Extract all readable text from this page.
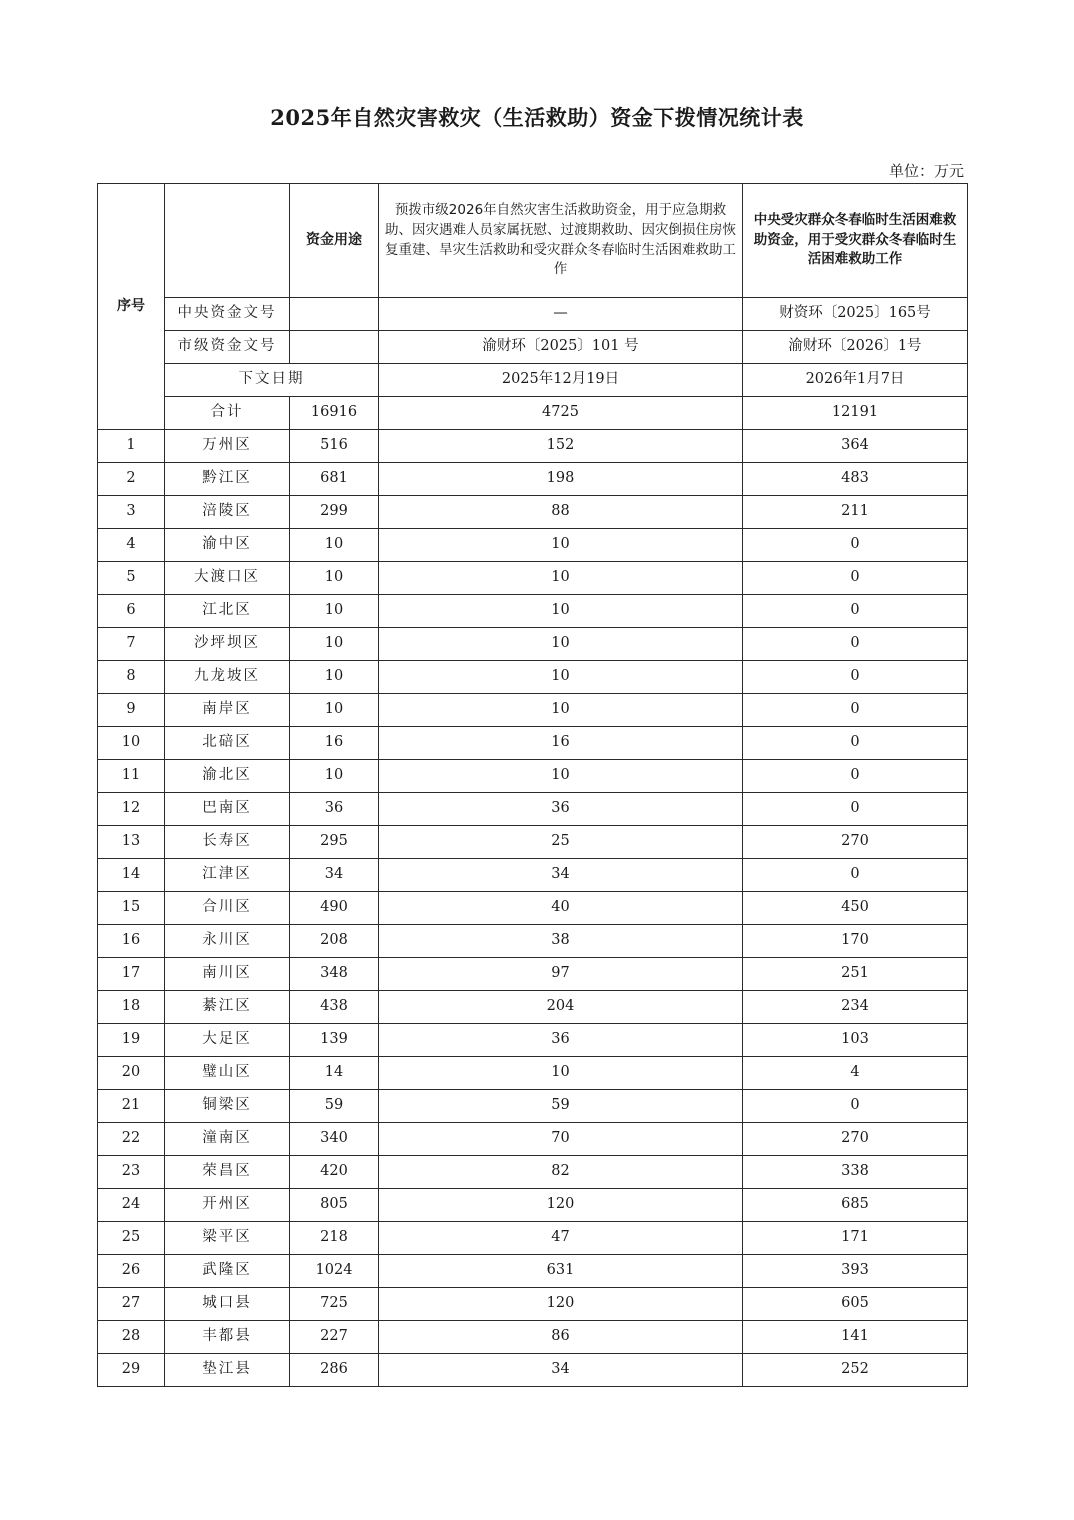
2025年自然灾害救灾（生活救助）资金下拨情况统计表
单位：万元
序号		资金用途	预拨市级2026年自然灾害生活救助资金，用于应急期救助、因灾遇难人员家属抚慰、过渡期救助、因灾倒损住房恢复重建、旱灾生活救助和受灾群众冬春临时生活困难救助工作	中央受灾群众冬春临时生活困难救助资金，用于受灾群众冬春临时生活困难救助工作
	中央资金文号		—	财资环〔2025〕165号
	市级资金文号		渝财环〔2025〕101 号	渝财环〔2026〕1号
	下文日期		2025年12月19日	2026年1月7日
	合计	16916	4725	12191
1	万州区	516	152	364
2	黔江区	681	198	483
3	涪陵区	299	88	211
4	渝中区	10	10	0
5	大渡口区	10	10	0
6	江北区	10	10	0
7	沙坪坝区	10	10	0
8	九龙坡区	10	10	0
9	南岸区	10	10	0
10	北碚区	16	16	0
11	渝北区	10	10	0
12	巴南区	36	36	0
13	长寿区	295	25	270
14	江津区	34	34	0
15	合川区	490	40	450
16	永川区	208	38	170
17	南川区	348	97	251
18	綦江区	438	204	234
19	大足区	139	36	103
20	璧山区	14	10	4
21	铜梁区	59	59	0
22	潼南区	340	70	270
23	荣昌区	420	82	338
24	开州区	805	120	685
25	梁平区	218	47	171
26	武隆区	1024	631	393
27	城口县	725	120	605
28	丰都县	227	86	141
29	垫江县	286	34	252
